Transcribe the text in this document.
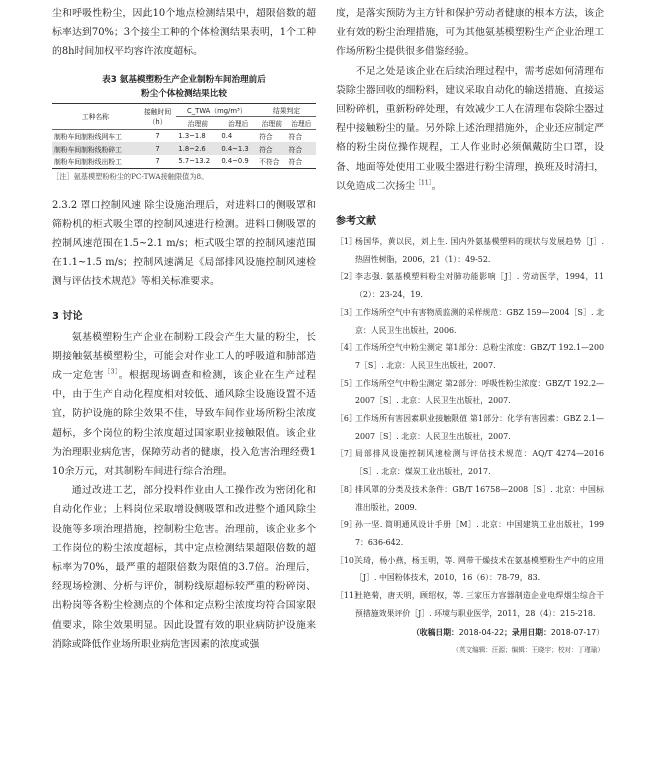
尘和呼吸性粉尘，因此10个地点检测结果中，超限倍数的超标率达到70%；3个接尘工种的个体检测结果表明，1个工种的8h时间加权平均容许浓度超标。

表3 氨基模塑粉生产企业制粉车间治理前后
粉尘个体检测结果比较
工种名称	接触时间
（h）	C_TWA（mg/m³）		结果判定	
		治理前	治理后	治理前	治理后
制粉车间制粉线网车工	7	1.3~1.8	0.4	符合	符合
制粉车间制粉线粉碎工	7	1.8~2.6	0.4~1.3	符合	符合
制粉车间制粉线出粉工	7	5.7~13.2	0.4~0.9	不符合	符合
［注］氨基模塑粉粉尘的PC-TWA接触限值为8。

2.3.2 罩口控制风速 除尘设施治理后，对进料口的侧吸罩和筛粉机的柜式吸尘罩的控制风速进行检测。进料口侧吸罩的控制风速范围在1.5~2.1 m/s；柜式吸尘罩的控制风速范围在1.1~1.5 m/s；控制风速满足《局部排风设施控制风速检测与评估技术规范》等相关标准要求。

3 讨论

氨基模塑粉生产企业在制粉工段会产生大量的粉尘，长期接触氨基模塑粉尘，可能会对作业工人的呼吸道和肺部造成一定危害$^{[3]}$。根据现场调查和检测，该企业在生产过程中，由于生产自动化程度相对较低、通风除尘设施设置不适宜，防护设施的除尘效果不佳，导致车间作业场所粉尘浓度超标，多个岗位的粉尘浓度超过国家职业接触限值。该企业为治理职业病危害，保障劳动者的健康，投入危害治理经费110余万元，对其制粉车间进行综合治理。

通过改进工艺，部分投料作业由人工操作改为密闭化和自动化作业；上料岗位采取增设侧吸罩和改进整个通风除尘设施等多项治理措施，控制粉尘危害。治理前，该企业多个工作岗位的粉尘浓度超标，其中定点检测结果超限倍数的超标率为70%，最严重的超限倍数为限值的3.7倍。治理后，经现场检测、分析与评价，制粉线原超标较严重的粉碎岗、出粉岗等各粉尘检测点的个体和定点粉尘浓度均符合国家限值要求，除尘效果明显。因此设置有效的职业病防护设施来消除或降低作业场所职业病危害因素的浓度或强

度，是落实预防为主方针和保护劳动者健康的根本方法，该企业有效的粉尘治理措施，可为其他氨基模塑粉生产企业治理工作场所粉尘提供很多借鉴经验。

不足之处是该企业在后续治理过程中，需考虑如何清理布袋除尘器回收的细粉料，建议采取自动化的输送措施、直接运回粉碎机，重新粉碎处理，有效减少工人在清理布袋除尘器过程中接触粉尘的量。另外除上述治理措施外，企业还应制定严格的粉尘岗位操作规程，工人作业时必须佩戴防尘口罩，设备、地面等处使用工业吸尘器进行粉尘清理，换班及时清扫，以免造成二次扬尘$^{[11]}$。

参考文献
［1］
杨国华，黄以民，刘上生. 国内外氨基模塑料的现状与发展趋势［J］. 热固性树脂，2006，21（1）：49-52.
［2］
李志强. 氨基模塑料粉尘对肺功能影响［J］. 劳动医学，1994，11（2）：23-24，19.
［3］
工作场所空气中有害物质监测的采样规范：GBZ 159—2004［S］. 北京：人民卫生出版社，2006.
［4］
工作场所空气中粉尘测定 第1部分：总粉尘浓度：GBZ/T 192.1—2007［S］. 北京：人民卫生出版社，2007.
［5］
工作场所空气中粉尘测定 第2部分：呼吸性粉尘浓度：GBZ/T 192.2—2007［S］. 北京：人民卫生出版社，2007.
［6］
工作场所有害因素职业接触限值 第1部分：化学有害因素：GBZ 2.1—2007［S］. 北京：人民卫生出版社，2007.
［7］
局部排风设施控制风速检测与评估技术规范：AQ/T 4274—2016［S］. 北京：煤炭工业出版社，2017.
［8］
排风罩的分类及技术条件：GB/T 16758—2008［S］. 北京：中国标准出版社，2009.
［9］
孙一坚. 简明通风设计手册［M］. 北京：中国建筑工业出版社，1997：636-642.
［10］
关琦，杨小燕，杨玉明，等. 网带干燥技术在氨基模塑粉生产中的应用［J］. 中国粉体技术，2010，16（6）：78-79，83.
［11］
杜艳菊，唐天明，顾绍权，等. 三家压力容器制造企业电焊烟尘综合干预措施效果评价［J］. 环境与职业医学，2011，28（4）：215-218.
（收稿日期：2018-04-22；录用日期：2018-07-17）
（英文编辑：汪源；编辑：王晓宇；校对：丁瑾瑜）
